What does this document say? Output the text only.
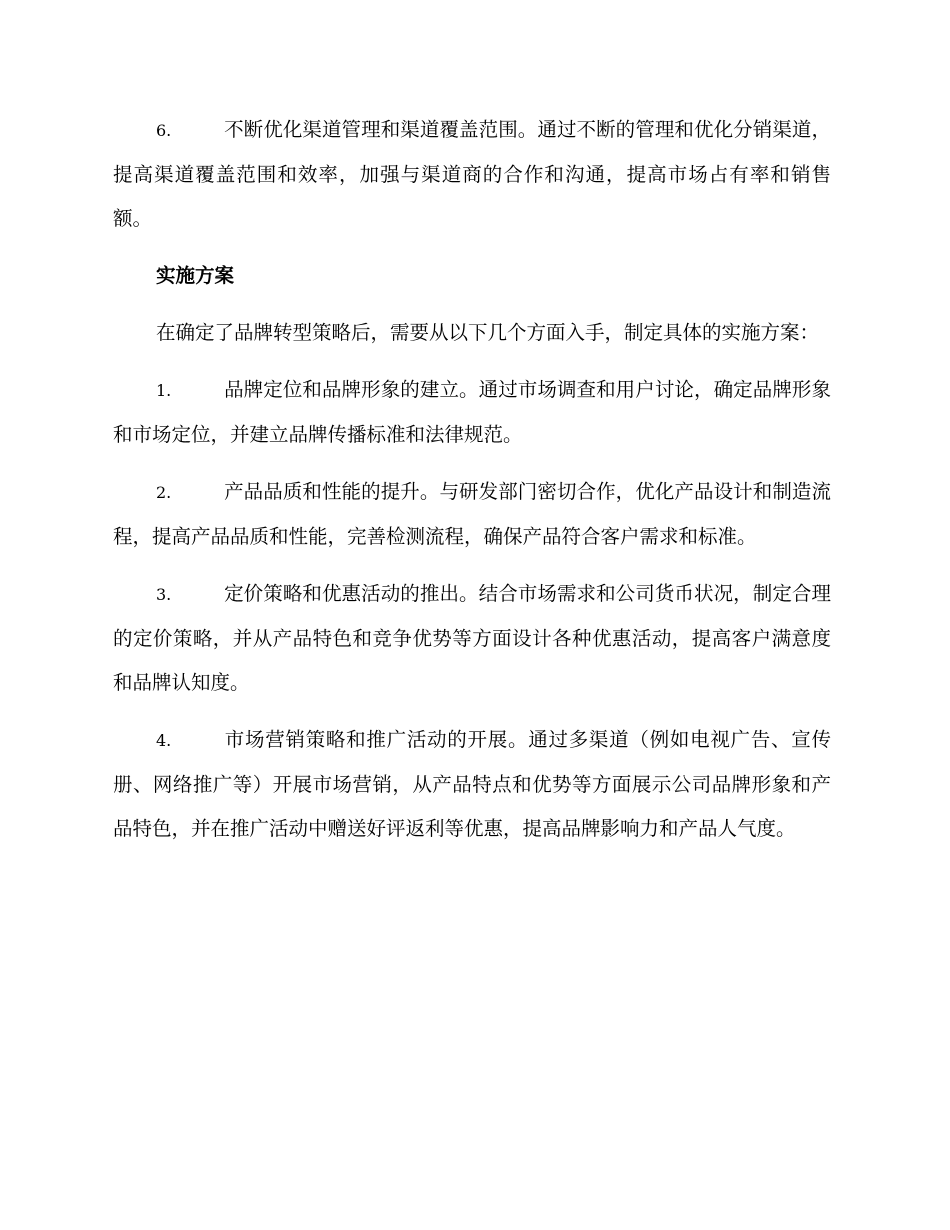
6.	不断优化渠道管理和渠道覆盖范围。通过不断的管理和优化分销渠道，提高渠道覆盖范围和效率，加强与渠道商的合作和沟通，提高市场占有率和销售额。

实施方案

在确定了品牌转型策略后，需要从以下几个方面入手，制定具体的实施方案：

1.	品牌定位和品牌形象的建立。通过市场调查和用户讨论，确定品牌形象和市场定位，并建立品牌传播标准和法律规范。

2.	产品品质和性能的提升。与研发部门密切合作，优化产品设计和制造流程，提高产品品质和性能，完善检测流程，确保产品符合客户需求和标准。

3.	定价策略和优惠活动的推出。结合市场需求和公司货币状况，制定合理的定价策略，并从产品特色和竞争优势等方面设计各种优惠活动，提高客户满意度和品牌认知度。

4.	市场营销策略和推广活动的开展。通过多渠道（例如电视广告、宣传册、网络推广等）开展市场营销，从产品特点和优势等方面展示公司品牌形象和产品特色，并在推广活动中赠送好评返利等优惠，提高品牌影响力和产品人气度。
